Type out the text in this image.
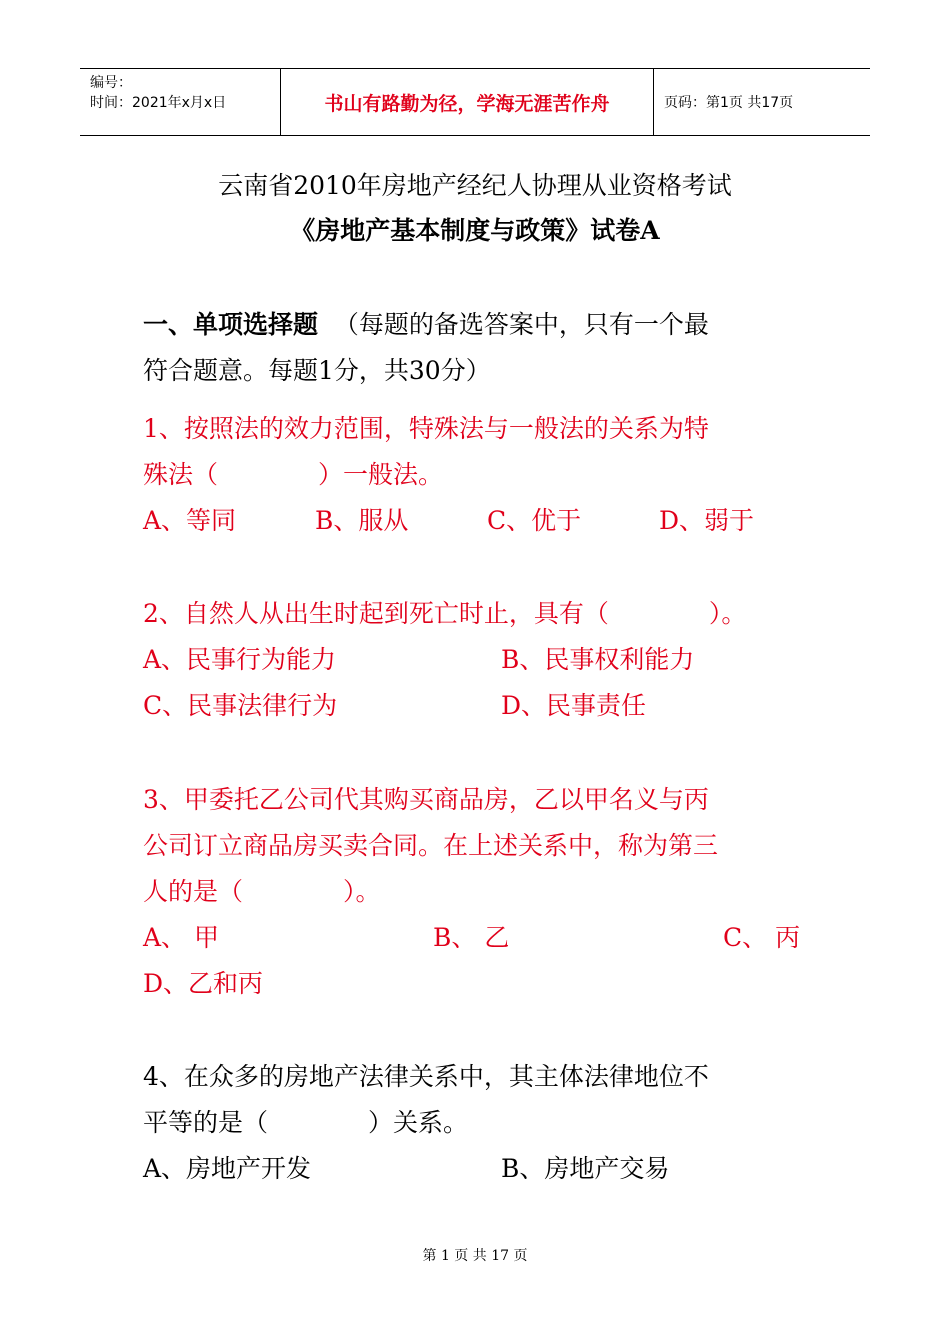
编号：
时间：2021年x月x日	书山有路勤为径，学海无涯苦作舟	页码：第1页 共17页
云南省2010年房地产经纪人协理从业资格考试
《房地产基本制度与政策》试卷A
一、单项选择题 （每题的备选答案中，只有一个最
符合题意。每题1分，共30分）
1、按照法的效力范围，特殊法与一般法的关系为特
殊法（　　　　）一般法。
A、等同	B、服从	C、优于	D、弱于
2、自然人从出生时起到死亡时止，具有（　　　　）。
A、民事行为能力	B、民事权利能力
C、民事法律行为	D、民事责任
3、甲委托乙公司代其购买商品房，乙以甲名义与丙
公司订立商品房买卖合同。在上述关系中，称为第三
人的是（　　　　）。
A、 甲	B、 乙	C、 丙
D、乙和丙
4、在众多的房地产法律关系中，其主体法律地位不
平等的是（　　　　）关系。
A、房地产开发	B、房地产交易
第 1 页 共 17 页
